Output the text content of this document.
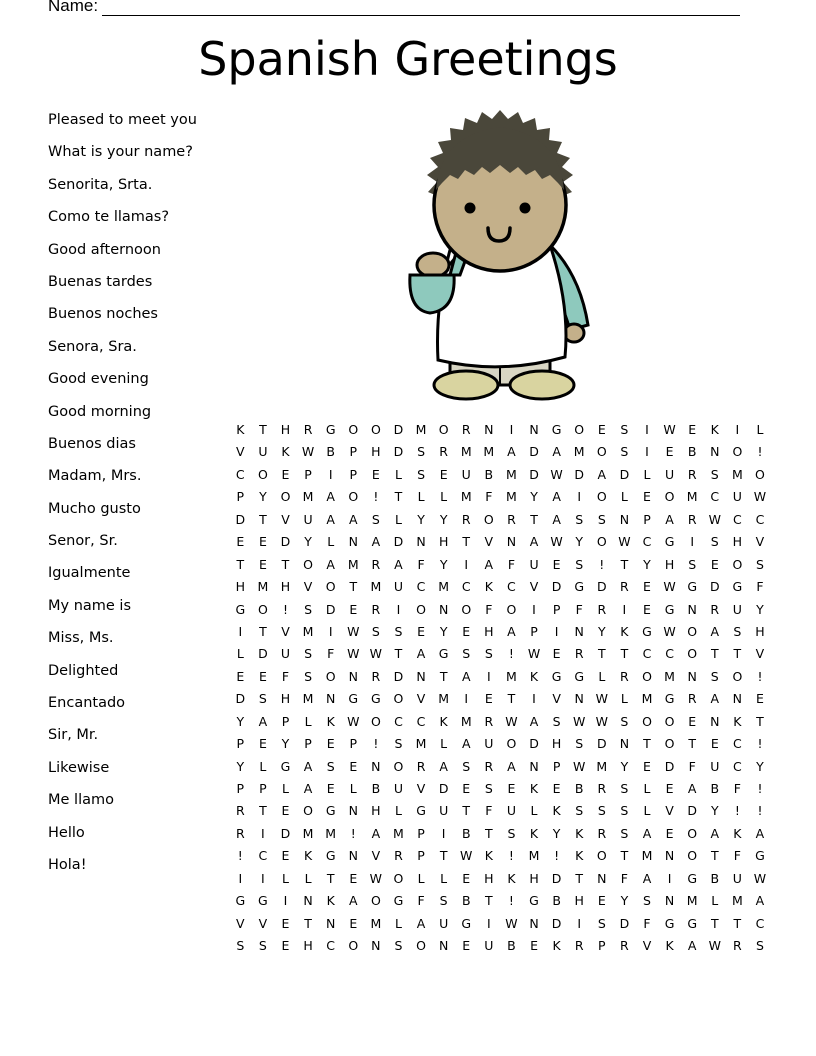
Name:
Spanish Greetings
Pleased to meet you
What is your name?
Senorita, Srta.
Como te llamas?
Good afternoon
Buenas tardes
Buenos noches
Senora, Sra.
Good evening
Good morning
Buenos dias
Madam, Mrs.
Mucho gusto
Senor, Sr.
Igualmente
My name is
Miss, Ms.
Delighted
Encantado
Sir, Mr.
Likewise
Me llamo
Hello
Hola!
K	T	H	R	G	O	O	D M O	R	N	I	N	G	O	E	S	I	W E	K	I	L
V	U	K W B	P	H	D	S	R	M M	A	D	A	M O	S	I	E	B	N	O	!
C	O	E	P	I	P	E	L	S	E	U	B	M D W D	A	D	L	U	R	S	M O
P	Y	O M	A	O	!	T	L	L	M	F	M	Y	A	I	O	L	E	O M	C	U W
D	T	V	U	A	A	S	L	Y	Y	R	O	R	T	A	S	S	N	P	A	R W C	C
E	E	D	Y	L	N	A	D	N	H	T	V	N	A W	Y	O W C	G	I	S	H	V
T	E	T	O	A	M	R	A	F	Y	I	A	F	U	E	S	!	T	Y	H	S	E	O	S
H M	H	V	O	T	M	U	C	M	C	K	C	V	D	G	D	R	E W G	D	G	F
G	O	!	S	D	E	R	I	O	N	O	F	O	I	P	F	R	I	E	G	N	R	U	Y
I	T	V	M	I	W S	S	E	Y	E	H	A	P	I	N	Y	K	G W O	A	S	H
L	D	U	S	F	W W	T	A	G	S	S	!	W E	R	T	T	C	C	O	T	T	V
E	E	F	S	O	N	R	D	N	T	A	I	M	K	G	G	L	R	O M	N	S	O	!
D	S	H M	N	G	G	O	V	M	I	E	T	I	V	N W	L	M G	R	A	N	E
Y	A	P	L	K W O	C	C	K	M	R W A	S W W S	O	O	E	N	K	T
P	E	Y	P	E	P	!	S	M	L	A	U	O	D	H	S	D	N	T	O	T	E	C	!
Y	L	G	A	S	E	N	O	R	A	S	R	A	N	P	W M	Y	E	D	F	U	C	Y
P	P	L	A	E	L	B	U	V	D	E	S	E	K	E	B	R	S	L	E	A	B	F	!
R	T	E	O	G	N	H	L	G	U	T	F	U	L	K	S	S	S	L	V	D	Y	!	!
R	I	D M M	!	A	M	P	I	B	T	S	K	Y	K	R	S	A	E	O	A	K	A
!	C	E	K	G	N	V	R	P	T	W K	!	M	!	K	O	T	M	N	O	T	F	G
I	I	L	L	T	E W O	L	L	E	H	K	H	D	T	N	F	A	I	G	B	U W
G	G	I	N	K	A	O	G	F	S	B	T	!	G	B	H	E	Y	S	N	M	L	M	A
V	V	E	T	N	E	M	L	A	U	G	I	W N	D	I	S	D	F	G	G	T	T	C
S	S	E	H	C	O	N	S	O	N	E	U	B	E	K	R	P	R	V	K	A W R	S
